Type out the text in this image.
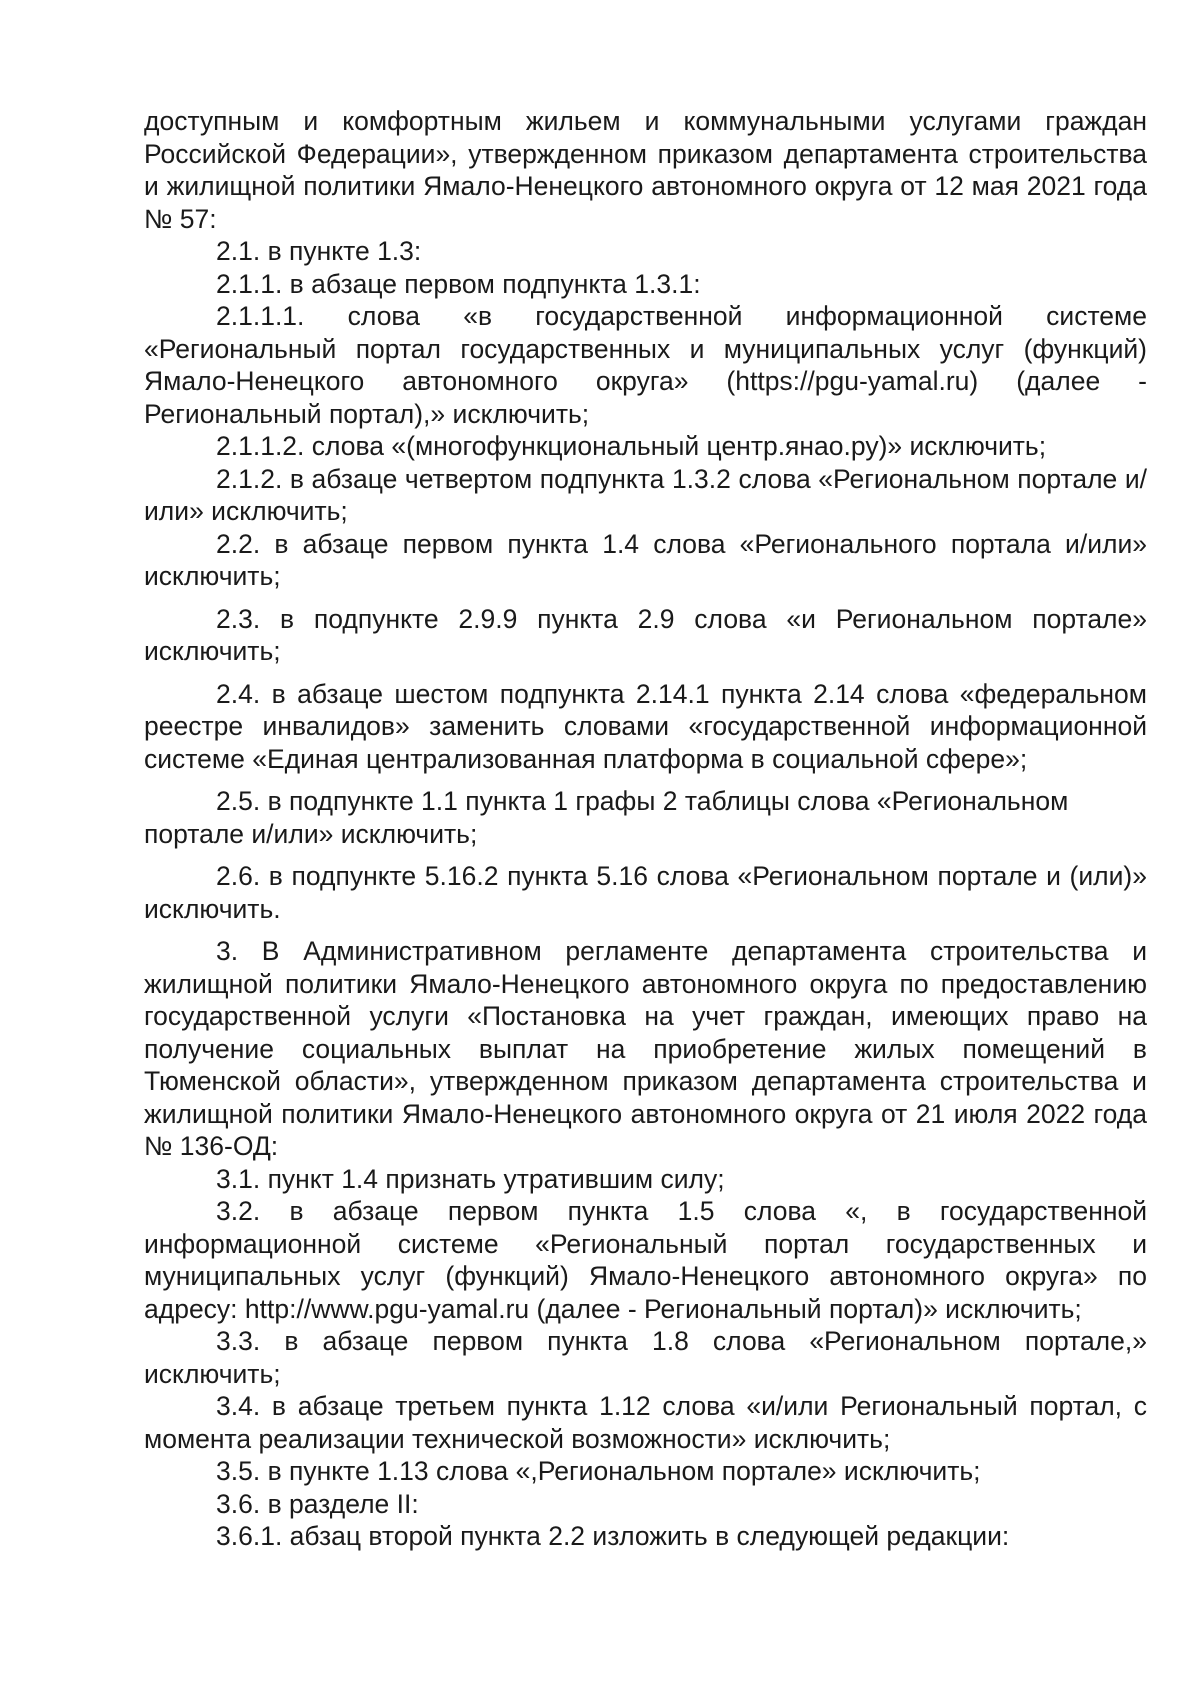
доступным и комфортным жильем и коммунальными услугами граждан Российской Федерации», утвержденном приказом департамента строительства и жилищной политики Ямало-Ненецкого автономного округа от 12 мая 2021 года № 57:

2.1. в пункте 1.3:

2.1.1. в абзаце первом подпункта 1.3.1:

2.1.1.1. слова «в государственной информационной системе «Региональный портал государственных и муниципальных услуг (функций) Ямало-Ненецкого автономного округа» (https://pgu-yamal.ru) (далее - Региональный портал),» исключить;

2.1.1.2. слова «(многофункциональный центр.янао.ру)» исключить;

2.1.2. в абзаце четвертом подпункта 1.3.2 слова «Региональном портале и/или» исключить;

2.2. в абзаце первом пункта 1.4 слова «Регионального портала и/или» исключить;

2.3. в подпункте 2.9.9 пункта 2.9 слова «и Региональном портале» исключить;

2.4. в абзаце шестом подпункта 2.14.1 пункта 2.14 слова «федеральном реестре инвалидов» заменить словами «государственной информационной системе «Единая централизованная платформа в социальной сфере»;

2.5. в подпункте 1.1 пункта 1 графы 2 таблицы слова «Региональном портале и/или» исключить;

2.6. в подпункте 5.16.2 пункта 5.16 слова «Региональном портале и (или)» исключить.

3. В Административном регламенте департамента строительства и жилищной политики Ямало-Ненецкого автономного округа по предоставлению государственной услуги «Постановка на учет граждан, имеющих право на получение социальных выплат на приобретение жилых помещений в Тюменской области», утвержденном приказом департамента строительства и жилищной политики Ямало-Ненецкого автономного округа от 21 июля 2022 года № 136-ОД:

3.1. пункт 1.4 признать утратившим силу;

3.2. в абзаце первом пункта 1.5 слова «, в государственной информационной системе «Региональный портал государственных и муниципальных услуг (функций) Ямало-Ненецкого автономного округа» по адресу: http://www.pgu-yamal.ru (далее - Региональный портал)» исключить;

3.3. в абзаце первом пункта 1.8 слова «Региональном портале,» исключить;

3.4. в абзаце третьем пункта 1.12 слова «и/или Региональный портал, с момента реализации технической возможности» исключить;

3.5. в пункте 1.13 слова «,Региональном портале» исключить;

3.6. в разделе II:

3.6.1. абзац второй пункта 2.2 изложить в следующей редакции:
